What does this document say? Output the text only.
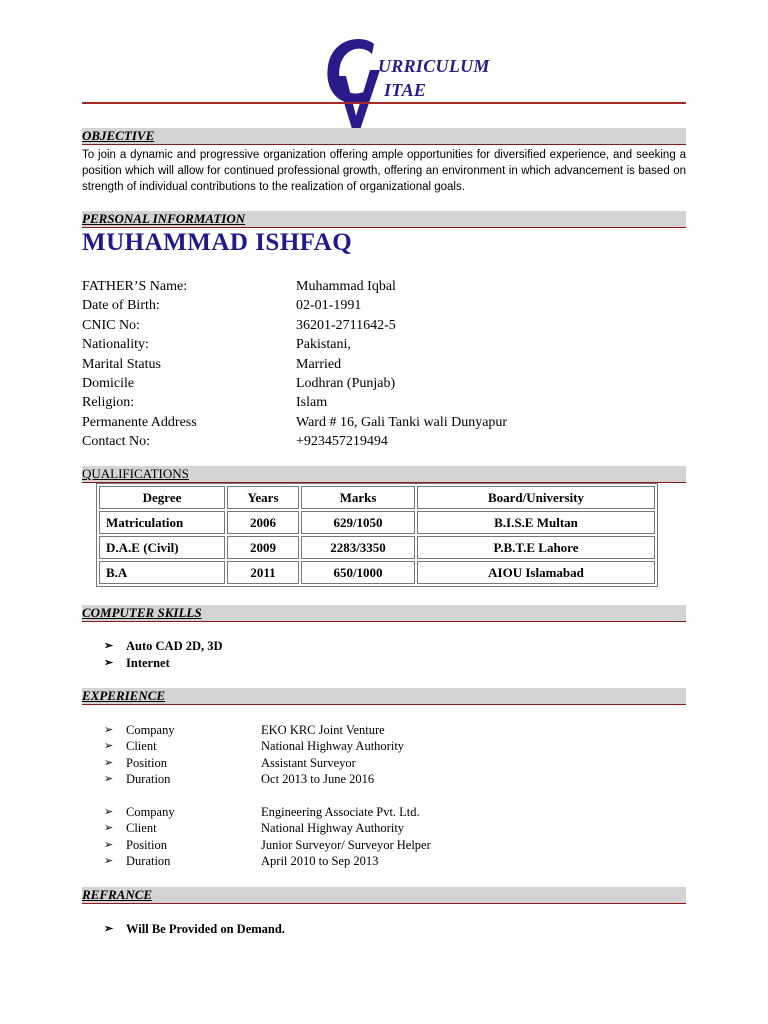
URRICULUM
ITAE
OBJECTIVE
To join a dynamic and progressive organization offering ample opportunities for diversified experience, and seeking a position which will allow for continued professional growth, offering an environment in which advancement is based on strength of individual contributions to the realization of organizational goals.
PERSONAL INFORMATION
MUHAMMAD ISHFAQ
FATHER’S Name:	Muhammad Iqbal
Date of Birth:	02-01-1991
CNIC No:	36201-2711642-5
Nationality:	Pakistani,
Marital Status	Married
Domicile	Lodhran (Punjab)
Religion:	Islam
Permanente Address	Ward # 16, Gali Tanki wali Dunyapur
Contact No:	+923457219494
QUALIFICATIONS
Degree	Years	Marks	Board/University
Matriculation	2006	629/1050	B.I.S.E Multan
D.A.E (Civil)	2009	2283/3350	P.B.T.E Lahore
B.A	2011	650/1000	AIOU Islamabad
COMPUTER SKILLS
➢	Auto CAD 2D, 3D
➢	Internet
EXPERIENCE
➢	Company	EKO KRC Joint Venture
➢	Client	National Highway Authority
➢	Position	Assistant Surveyor
➢	Duration	Oct 2013 to June 2016
➢	Company	Engineering Associate Pvt. Ltd.
➢	Client	National Highway Authority
➢	Position	Junior Surveyor/ Surveyor Helper
➢	Duration	April 2010 to Sep 2013
REFRANCE
➢	Will Be Provided on Demand.
